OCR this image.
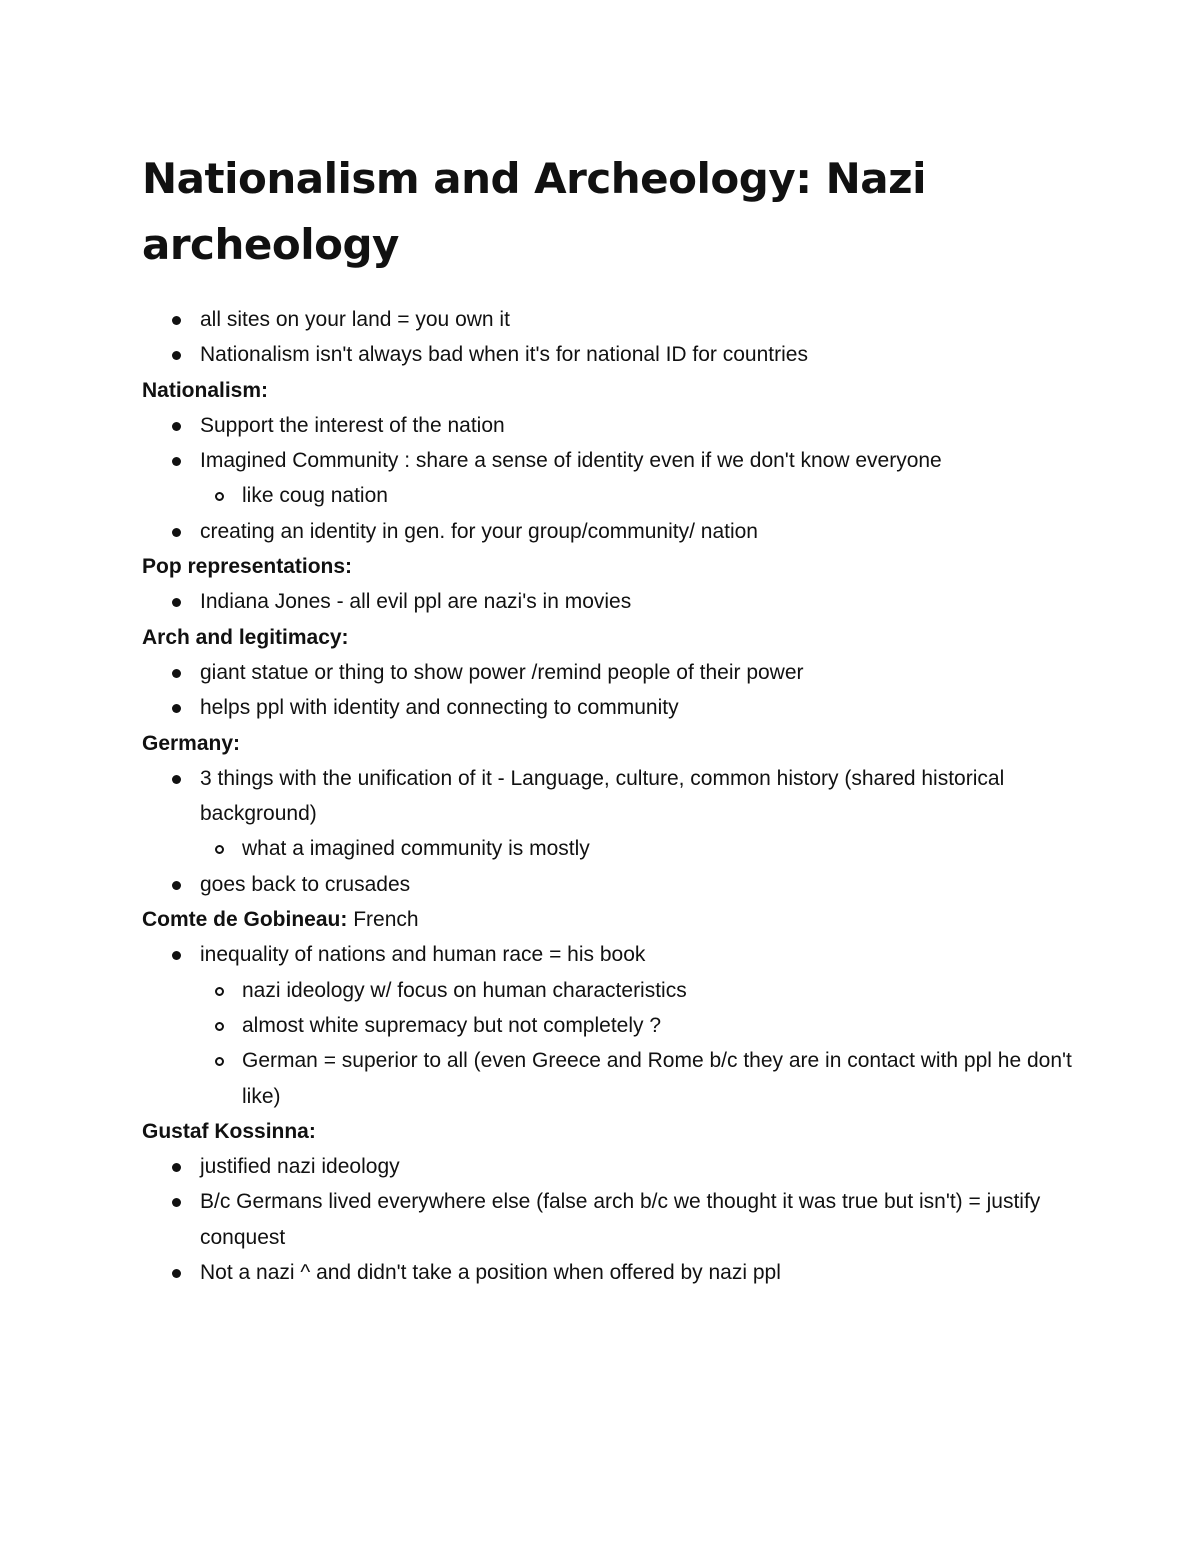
Nationalism and Archeology: Nazi archeology
all sites on your land = you own it
Nationalism isn't always bad when it's for national ID for countries

Nationalism:

Support the interest of the nation
Imagined Community : share a sense of identity even if we don't know everyone
like coug nation
creating an identity in gen. for your group/community/ nation

Pop representations:

Indiana Jones - all evil ppl are nazi's in movies

Arch and legitimacy:

giant statue or thing to show power /remind people of their power
helps ppl with identity and connecting to community

Germany:

3 things with the unification of it - Language, culture, common history (shared historical background)
what a imagined community is mostly
goes back to crusades

Comte de Gobineau: French

inequality of nations and human race = his book
nazi ideology w/ focus on human characteristics
almost white supremacy but not completely ?
German = superior to all (even Greece and Rome b/c they are in contact with ppl he don't like)

Gustaf Kossinna:

justified nazi ideology
B/c Germans lived everywhere else (false arch b/c we thought it was true but isn't) = justify conquest
Not a nazi ^ and didn't take a position when offered by nazi ppl
